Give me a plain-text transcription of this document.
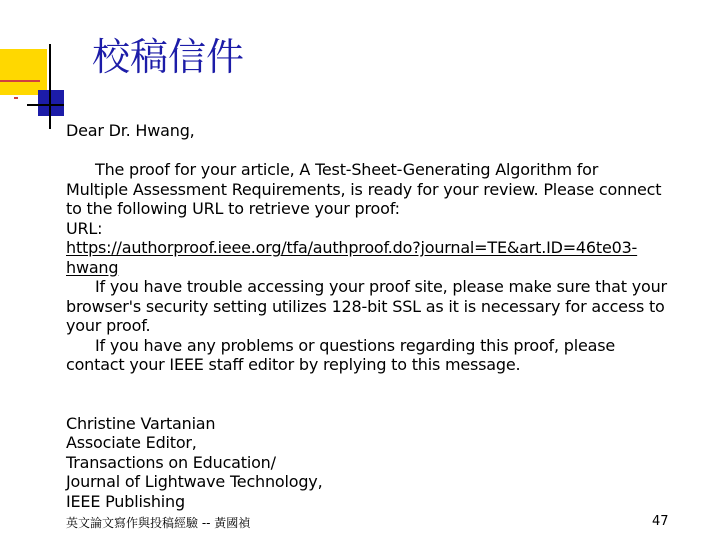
校稿信件

Dear Dr. Hwang,

The proof for your article, A Test-Sheet-Generating Algorithm for

Multiple Assessment Requirements, is ready for your review. Please connect

to the following URL to retrieve your proof:

URL:

https://authorproof.ieee.org/tfa/authproof.do?journal=TE&art.ID=46te03-

hwang

If you have trouble accessing your proof site, please make sure that your

browser's security setting utilizes 128-bit SSL as it is necessary for access to

your proof.

If you have any problems or questions regarding this proof, please

contact your IEEE staff editor by replying to this message.

Christine Vartanian

Associate Editor,

Transactions on Education/

Journal of Lightwave Technology,

IEEE Publishing

英文論文寫作與投稿經驗 -- 黃國禎	47
